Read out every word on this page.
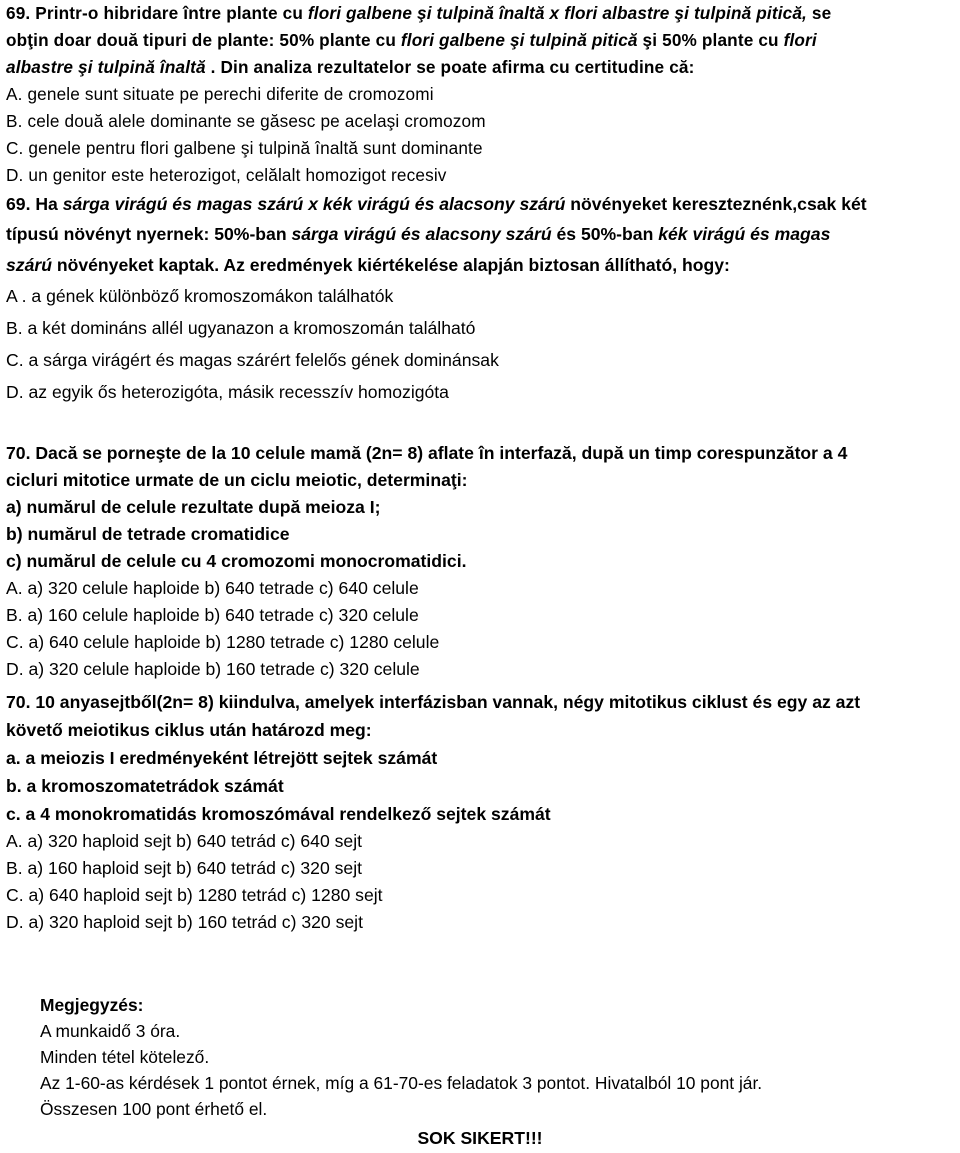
69. Printr-o hibridare între plante cu flori galbene şi tulpină înaltă x flori albastre şi tulpină pitică, se
obţin doar două tipuri de plante: 50% plante cu flori galbene şi tulpină pitică şi 50% plante cu flori
albastre şi tulpină înaltă . Din analiza rezultatelor se poate afirma cu certitudine că:
A. genele sunt situate pe perechi diferite de cromozomi
B. cele două alele dominante se găsesc pe acelaşi cromozom
C. genele pentru flori galbene şi tulpină înaltă sunt dominante
D. un genitor este heterozigot, celălalt homozigot recesiv
69. Ha sárga virágú és magas szárú x kék virágú és alacsony szárú növényeket kereszteznénk,csak két
típusú növényt nyernek: 50%-ban sárga virágú és alacsony szárú és 50%-ban kék virágú és magas
szárú növényeket kaptak. Az eredmények kiértékelése alapján biztosan állítható, hogy:
A . a gének különböző kromoszomákon találhatók
B. a két domináns allél ugyanazon a kromoszomán található
C. a sárga virágért és magas szárért felelős gének dominánsak
D. az egyik ős heterozigóta, másik recesszív homozigóta
70. Dacă se porneşte de la 10 celule mamă (2n= 8) aflate în interfază, după un timp corespunzător a 4
cicluri mitotice urmate de un ciclu meiotic, determinaţi:
a) numărul de celule rezultate după meioza I;
b) numărul de tetrade cromatidice
c) numărul de celule cu 4 cromozomi monocromatidici.
A. a) 320 celule haploide b) 640 tetrade c) 640 celule
B. a) 160 celule haploide b) 640 tetrade c) 320 celule
C. a) 640 celule haploide b) 1280 tetrade c) 1280 celule
D. a) 320 celule haploide b) 160 tetrade c) 320 celule
70. 10 anyasejtből(2n= 8) kiindulva, amelyek interfázisban vannak, négy mitotikus ciklust és egy az azt
követő meiotikus ciklus után határozd meg:
a. a meiozis I eredményeként létrejött sejtek számát
b. a kromoszomatetrádok számát
c. a 4 monokromatidás kromoszómával rendelkező sejtek számát
A. a) 320 haploid sejt b) 640 tetrád c) 640 sejt
B. a) 160 haploid sejt b) 640 tetrád c) 320 sejt
C. a) 640 haploid sejt b) 1280 tetrád c) 1280 sejt
D. a) 320 haploid sejt b) 160 tetrád c) 320 sejt
Megjegyzés:
A munkaidő 3 óra.
Minden tétel kötelező.
Az 1-60-as kérdések 1 pontot érnek, míg a 61-70-es feladatok 3 pontot. Hivatalból 10 pont jár.
Összesen 100 pont érhető el.
SOK SIKERT!!!
